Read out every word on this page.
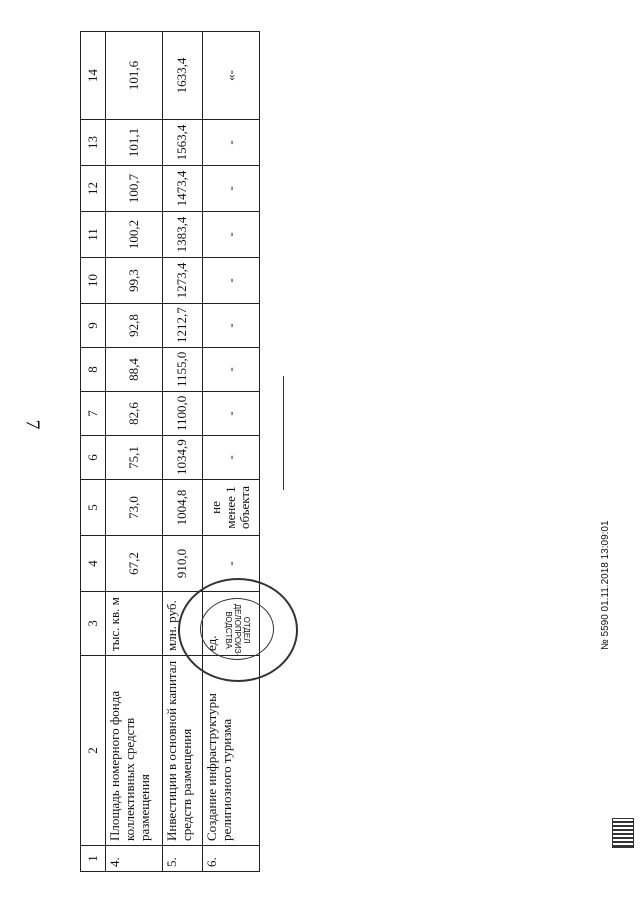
7
1	2	3	4	5	6	7	8	9	10	11	12	13	14
4.	Площадь номерного фонда коллективных средств размещения	тыс. кв. м	67,2	73,0	75,1	82,6	88,4	92,8	99,3	100,2	100,7	101,1	101,6
5.	Инвестиции в основной капитал средств размещения	млн. руб.	910,0	1004,8	1034,9	1100,0	1155,0	1212,7	1273,4	1383,4	1473,4	1563,4	1633,4
6.	Создание инфраструктуры религиозного туризма	ед.	-	не менее 1 объекта	-	-	-	-	-	-	-	-	«-
ОТДЕЛ
ДЕЛОПРОИЗ-
ВОДСТВА	№ 5590 01.11.2018 13:09:01
